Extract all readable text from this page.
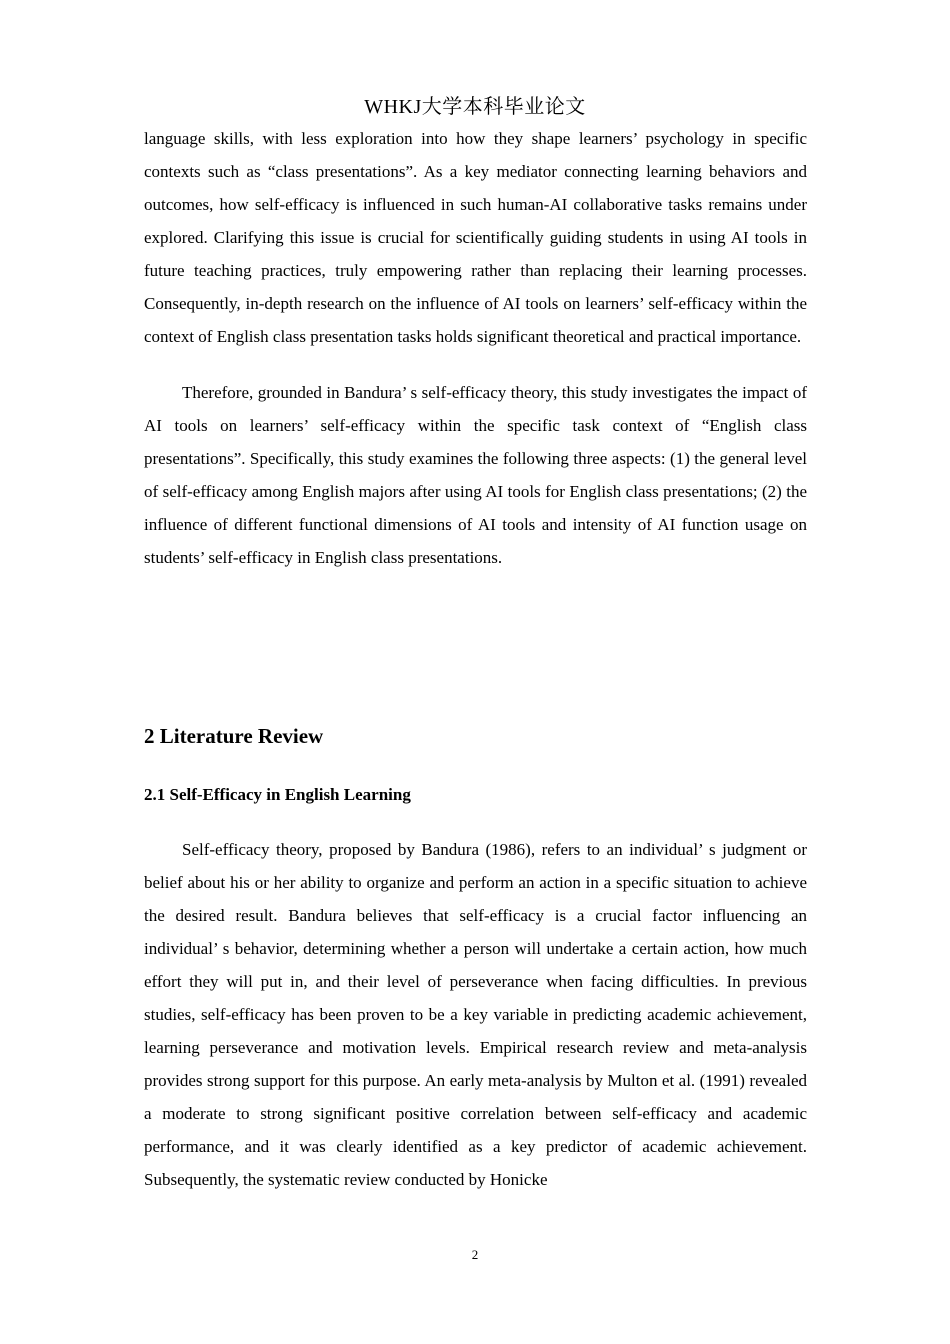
WHKJ大学本科毕业论文

language skills, with less exploration into how they shape learners’ psychology in specific contexts such as “class presentations”. As a key mediator connecting learning behaviors and outcomes, how self-efficacy is influenced in such human-AI collaborative tasks remains under explored. Clarifying this issue is crucial for scientifically guiding students in using AI tools in future teaching practices, truly empowering rather than replacing their learning processes. Consequently, in-depth research on the influence of AI tools on learners’ self-efficacy within the context of English class presentation tasks holds significant theoretical and practical importance.

Therefore, grounded in Bandura’ s self-efficacy theory, this study investigates the impact of AI tools on learners’ self-efficacy within the specific task context of “English class presentations”. Specifically, this study examines the following three aspects: (1) the general level of self-efficacy among English majors after using AI tools for English class presentations; (2) the influence of different functional dimensions of AI tools and intensity of AI function usage on students’ self-efficacy in English class presentations.

2 Literature Review
2.1 Self-Efficacy in English Learning

Self-efficacy theory, proposed by Bandura (1986), refers to an individual’ s judgment or belief about his or her ability to organize and perform an action in a specific situation to achieve the desired result. Bandura believes that self-efficacy is a crucial factor influencing an individual’ s behavior, determining whether a person will undertake a certain action, how much effort they will put in, and their level of perseverance when facing difficulties. In previous studies, self-efficacy has been proven to be a key variable in predicting academic achievement, learning perseverance and motivation levels. Empirical research review and meta-analysis provides strong support for this purpose. An early meta-analysis by Multon et al. (1991) revealed a moderate to strong significant positive correlation between self-efficacy and academic performance, and it was clearly identified as a key predictor of academic achievement. Subsequently, the systematic review conducted by Honicke

2
